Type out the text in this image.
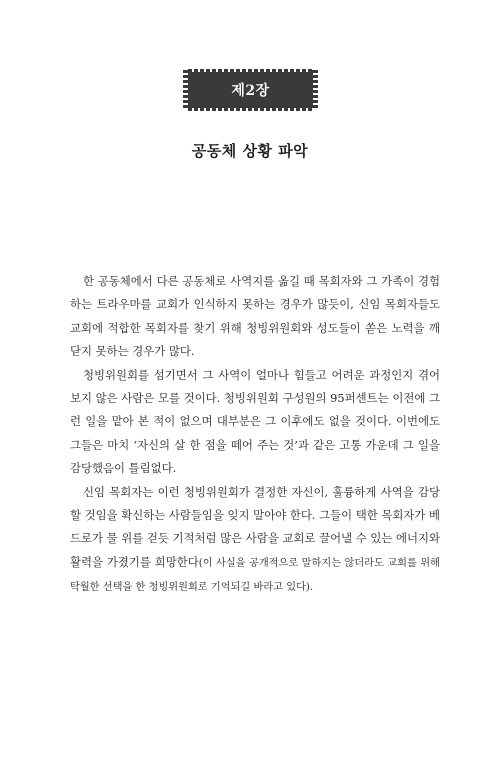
제2장
공동체 상황 파악

한 공동체에서 다른 공동체로 사역지를 옮길 때 목회자와 그 가족이 경험하는 트라우마를 교회가 인식하지 못하는 경우가 많듯이, 신임 목회자들도 교회에 적합한 목회자를 찾기 위해 청빙위원회와 성도들이 쏟은 노력을 깨닫지 못하는 경우가 많다.

청빙위원회를 섬기면서 그 사역이 얼마나 힘들고 어려운 과정인지 겪어 보지 않은 사람은 모를 것이다. 청빙위원회 구성원의 95퍼센트는 이전에 그런 일을 맡아 본 적이 없으며 대부분은 그 이후에도 없을 것이다. 이번에도 그들은 마치 ‘자신의 살 한 점을 떼어 주는 것’과 같은 고통 가운데 그 일을 감당했음이 틀림없다.

신임 목회자는 이런 청빙위원회가 결정한 자신이, 훌륭하게 사역을 감당할 것임을 확신하는 사람들임을 잊지 말아야 한다. 그들이 택한 목회자가 베드로가 물 위를 걷듯 기적처럼 많은 사람을 교회로 끌어낼 수 있는 에너지와 활력을 가졌기를 희망한다(이 사실을 공개적으로 말하지는 않더라도 교회를 위해 탁월한 선택을 한 청빙위원회로 기억되길 바라고 있다).
